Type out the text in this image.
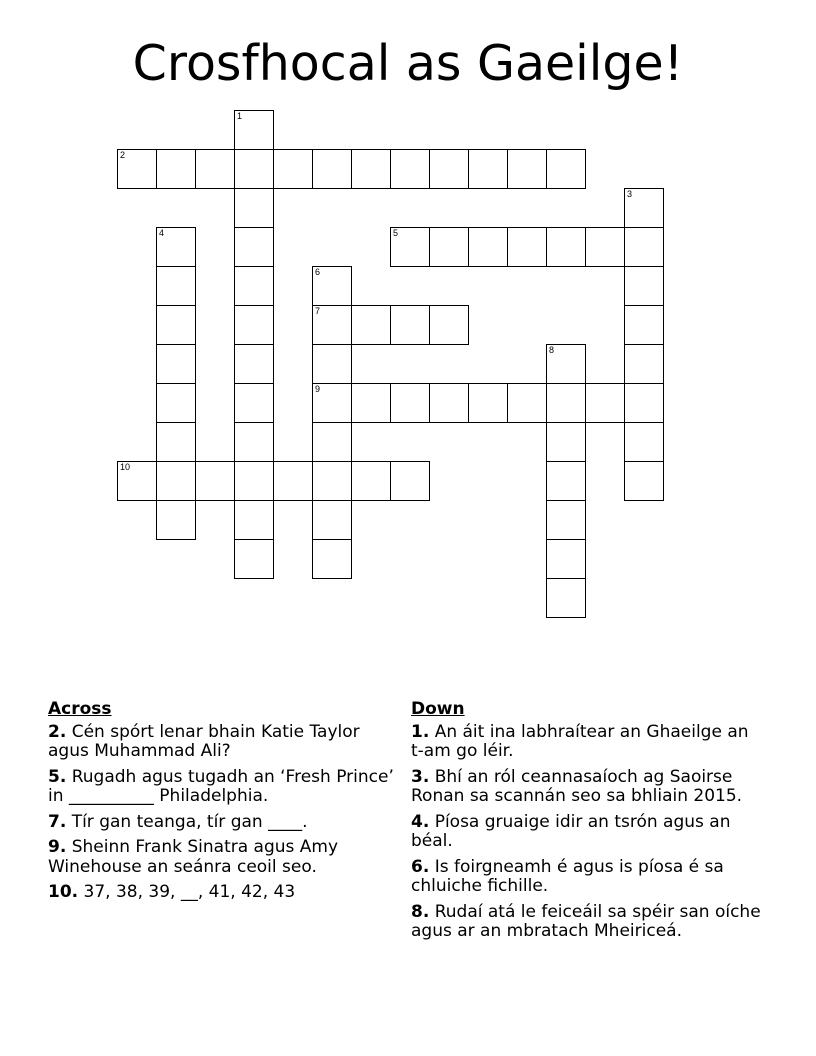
Crosfhocal as Gaeilge!
1
2
3
4	5
6
7
9
8
10
Across
2. Cén spórt lenar bhain Katie Taylor agus Muhammad Ali?
5. Rugadh agus tugadh an ‘Fresh Prince’ in __________ Philadelphia.
7. Tír gan teanga, tír gan ____.
9. Sheinn Frank Sinatra agus Amy Winehouse an seánra ceoil seo.
10. 37, 38, 39, __, 41, 42, 43
Down
1. An áit ina labhraítear an Ghaeilge an t-am go léir.
3. Bhí an ról ceannasaíoch ag Saoirse Ronan sa scannán seo sa bhliain 2015.
4. Píosa gruaige idir an tsrón agus an béal.
6. Is foirgneamh é agus is píosa é sa chluiche fichille.
8. Rudaí atá le feiceáil sa spéir san oíche agus ar an mbratach Mheiriceá.
